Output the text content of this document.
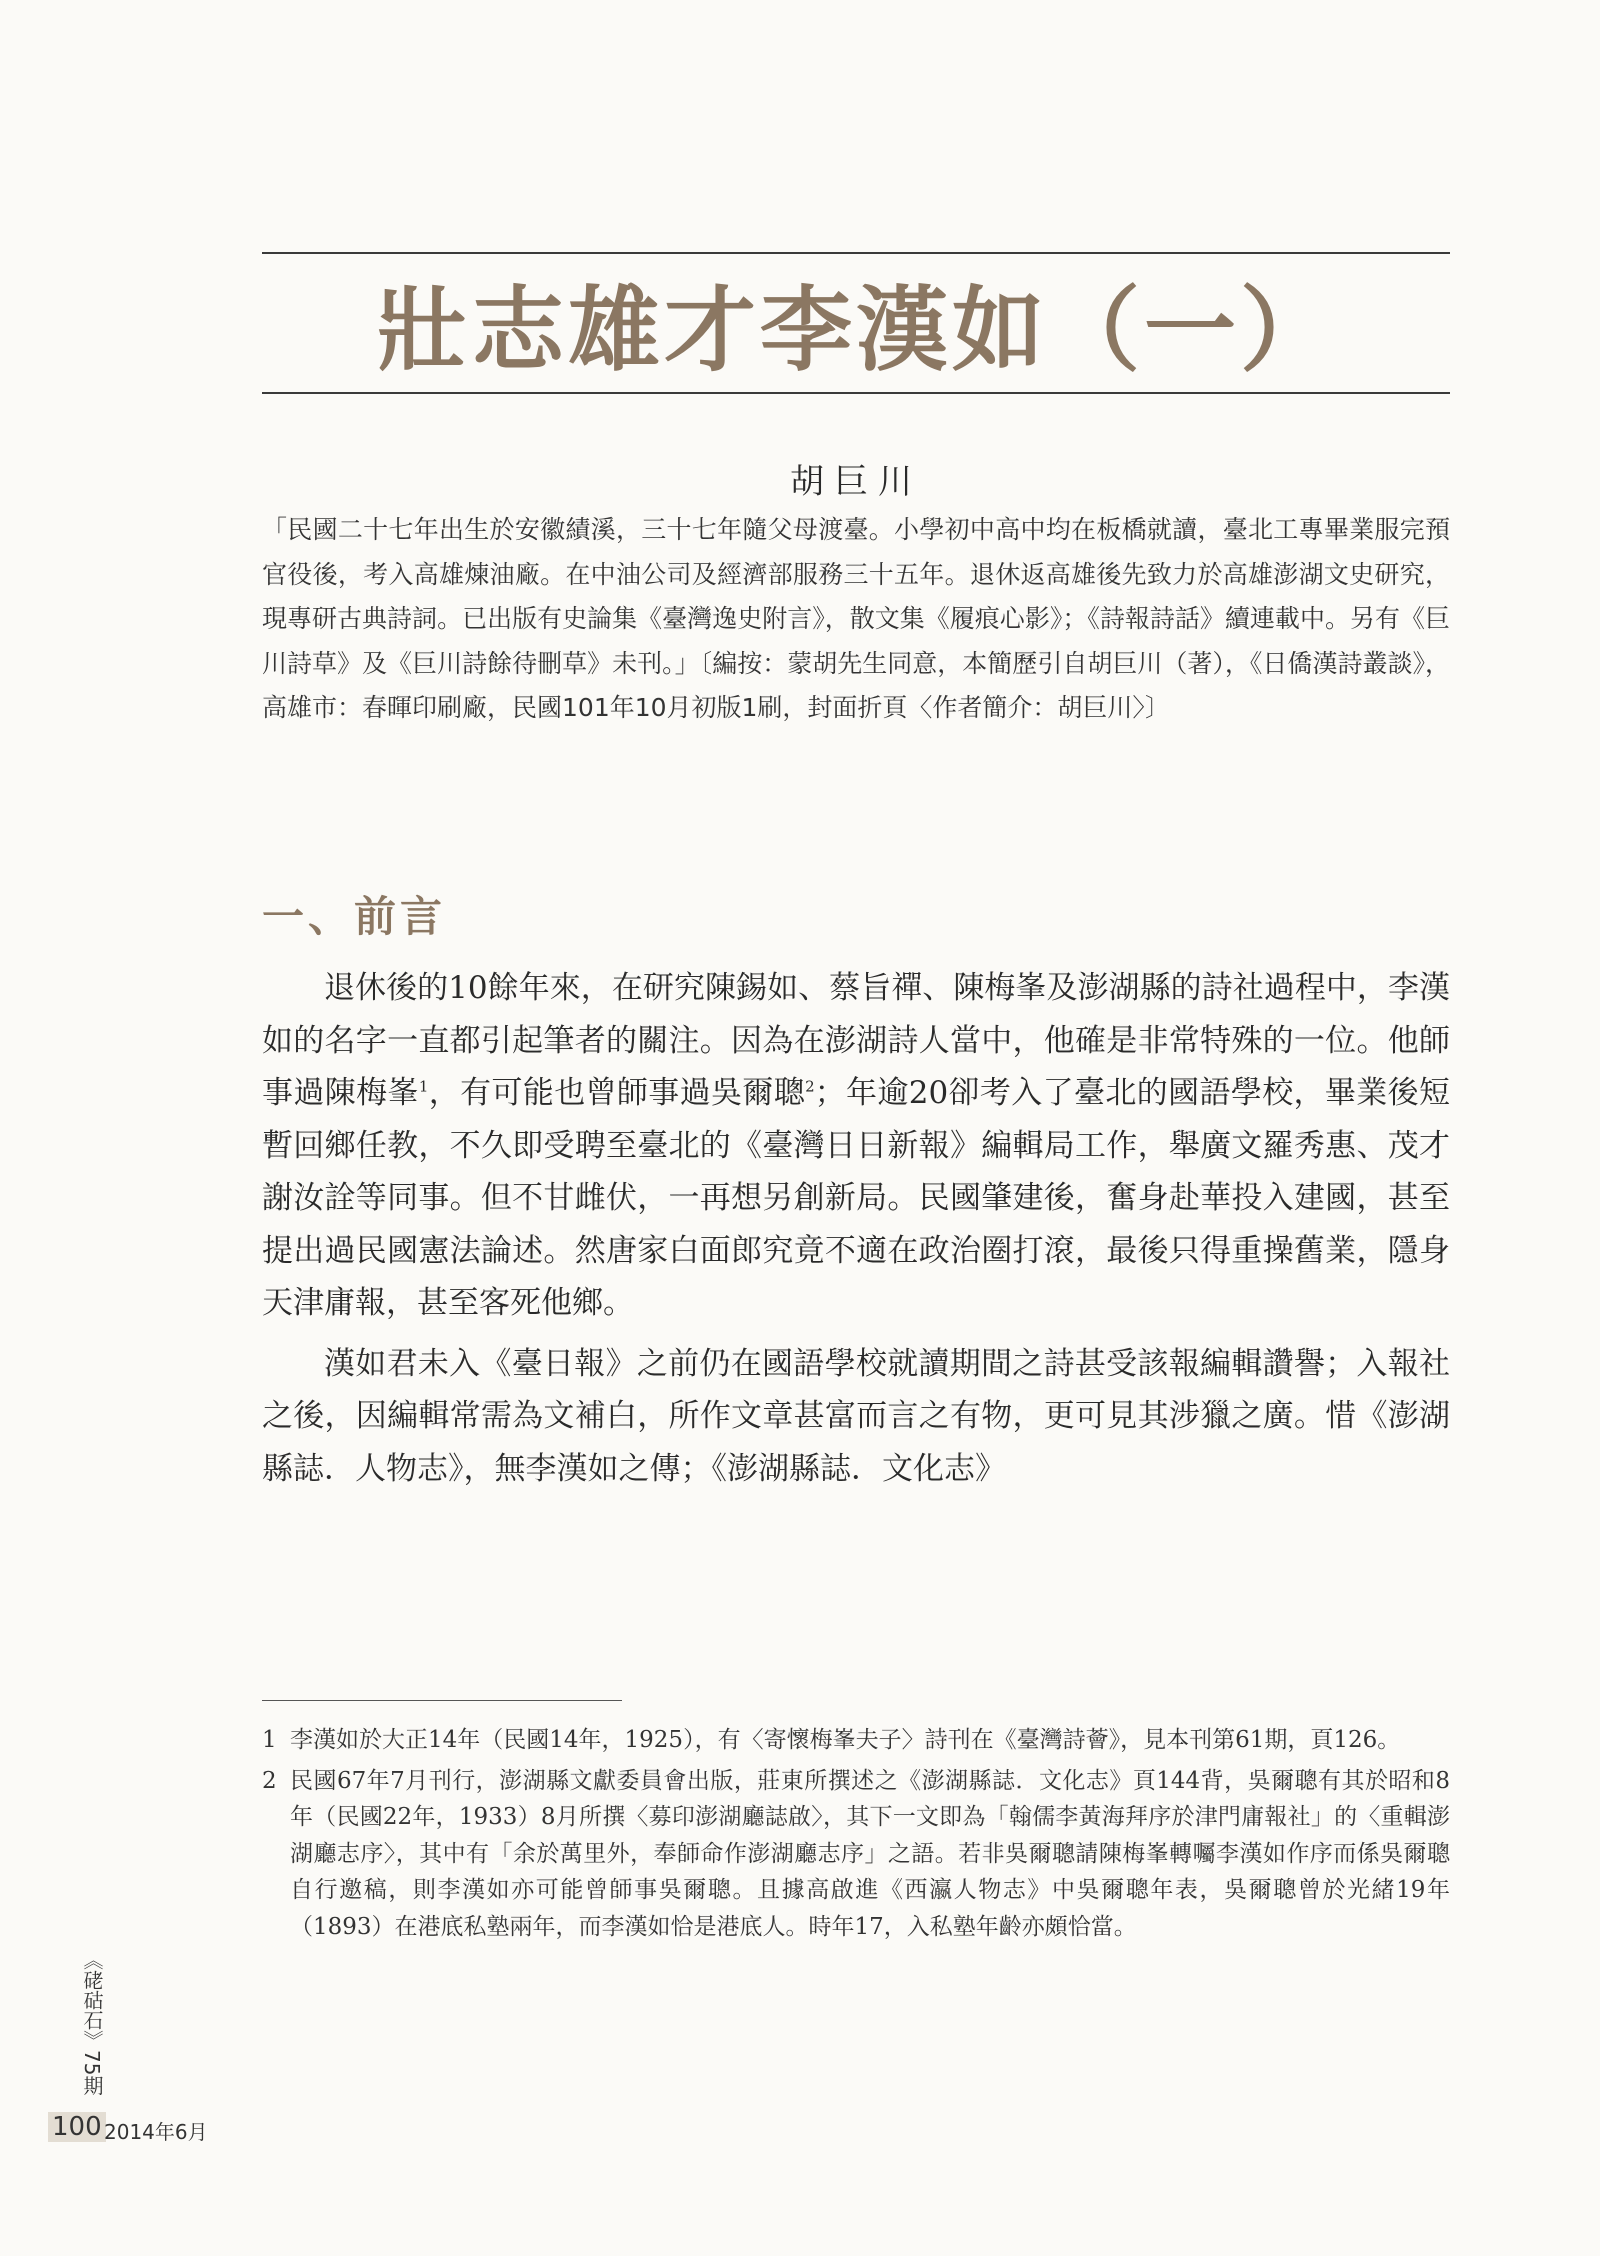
壯志雄才李漢如（一）
胡巨川
「民國二十七年出生於安徽績溪，三十七年隨父母渡臺。小學初中高中均在板橋就讀，臺北工專畢業服完預官役後，考入高雄煉油廠。在中油公司及經濟部服務三十五年。退休返高雄後先致力於高雄澎湖文史研究，現專研古典詩詞。已出版有史論集《臺灣逸史附言》，散文集《履痕心影》；《詩報詩話》續連載中。另有《巨川詩草》及《巨川詩餘待刪草》未刊。」〔編按：蒙胡先生同意，本簡歷引自胡巨川（著），《日僑漢詩叢談》，高雄市：春暉印刷廠，民國101年10月初版1刷，封面折頁〈作者簡介：胡巨川〉〕
一、前言

退休後的10餘年來，在研究陳錫如、蔡旨禪、陳梅峯及澎湖縣的詩社過程中，李漢如的名字一直都引起筆者的關注。因為在澎湖詩人當中，他確是非常特殊的一位。他師事過陳梅峯$^1$，有可能也曾師事過吳爾聰$^2$；年逾20卻考入了臺北的國語學校，畢業後短暫回鄉任教，不久即受聘至臺北的《臺灣日日新報》編輯局工作，舉廣文羅秀惠、茂才謝汝詮等同事。但不甘雌伏，一再想另創新局。民國肇建後，奮身赴華投入建國，甚至提出過民國憲法論述。然唐家白面郎究竟不適在政治圈打滾，最後只得重操舊業，隱身天津庸報，甚至客死他鄉。

漢如君未入《臺日報》之前仍在國語學校就讀期間之詩甚受該報編輯讚譽；入報社之後，因編輯常需為文補白，所作文章甚富而言之有物，更可見其涉獵之廣。惜《澎湖縣誌．人物志》，無李漢如之傳；《澎湖縣誌．文化志》

1 李漢如於大正14年（民國14年，1925），有〈寄懷梅峯夫子〉詩刊在《臺灣詩薈》，見本刊第61期，頁126。
2 民國67年7月刊行，澎湖縣文獻委員會出版，莊東所撰述之《澎湖縣誌．文化志》頁144背，吳爾聰有其於昭和8年（民國22年，1933）8月所撰〈募印澎湖廳誌啟〉，其下一文即為「翰儒李黃海拜序於津門庸報社」的〈重輯澎湖廳志序〉，其中有「余於萬里外，奉師命作澎湖廳志序」之語。若非吳爾聰請陳梅峯轉囑李漢如作序而係吳爾聰自行邀稿，則李漢如亦可能曾師事吳爾聰。且據高啟進《西瀛人物志》中吳爾聰年表，吳爾聰曾於光緒19年（1893）在港底私塾兩年，而李漢如恰是港底人。時年17，入私塾年齡亦頗恰當。
《硓𥑮石》75期
100 2014年6月
